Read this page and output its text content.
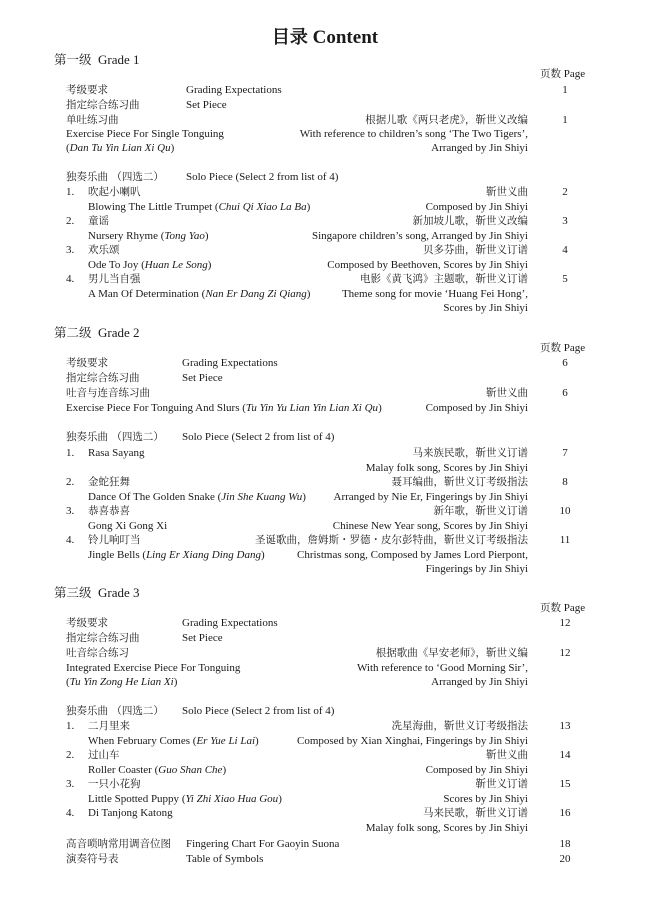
目录 Content
第一级 Grade 1
页数 Page
考级要求	Grading Expectations	1
指定综合练习曲	Set Piece
单吐练习曲	根据儿歌《两只老虎》，靳世义改编	1
Exercise Piece For Single Tonguing	With reference to children’s song ‘The Two Tigers’,
(Dan Tu Yin Lian Xi Qu)	Arranged by Jin Shiyi
独奏乐曲 （四选二） Solo Piece (Select 2 from list of 4)
1. 吹起小喇叭	靳世义曲	2
Blowing The Little Trumpet (Chui Qi Xiao La Ba)	Composed by Jin Shiyi
2. 童谣	新加坡儿歌，靳世义改编	3
Nursery Rhyme (Tong Yao)	Singapore children’s song, Arranged by Jin Shiyi
3. 欢乐颂	贝多芬曲，靳世义订谱	4
Ode To Joy (Huan Le Song)	Composed by Beethoven, Scores by Jin Shiyi
4. 男儿当自强	电影《黄飞鸿》主题歌，靳世义订谱	5
A Man Of Determination (Nan Er Dang Zi Qiang)	Theme song for movie ‘Huang Fei Hong’,
Scores by Jin Shiyi
第二级 Grade 2
页数 Page
考级要求	Grading Expectations	6
指定综合练习曲	Set Piece
吐音与连音练习曲	靳世义曲	6
Exercise Piece For Tonguing And Slurs (Tu Yin Yu Lian Yin Lian Xi Qu)	Composed by Jin Shiyi
独奏乐曲 （四选二） Solo Piece (Select 2 from list of 4)
1. Rasa Sayang	马来族民歌，靳世义订谱	7
Malay folk song, Scores by Jin Shiyi
2. 金蛇狂舞	聂耳编曲，靳世义订考级指法	8
Dance Of The Golden Snake (Jin She Kuang Wu)	Arranged by Nie Er, Fingerings by Jin Shiyi
3. 恭喜恭喜	新年歌，靳世义订谱	10
Gong Xi Gong Xi	Chinese New Year song, Scores by Jin Shiyi
4. 铃儿响叮当	圣诞歌曲，詹姆斯・罗德・皮尔彭特曲，靳世义订考级指法	11
Jingle Bells (Ling Er Xiang Ding Dang)	Christmas song, Composed by James Lord Pierpont,
Fingerings by Jin Shiyi
第三级 Grade 3
页数 Page
考级要求	Grading Expectations	12
指定综合练习曲	Set Piece
吐音综合练习	根据歌曲《早安老师》，靳世义编	12
Integrated Exercise Piece For Tonguing	With reference to ‘Good Morning Sir’,
(Tu Yin Zong He Lian Xi)	Arranged by Jin Shiyi
独奏乐曲 （四选二） Solo Piece (Select 2 from list of 4)
1. 二月里来	冼星海曲，靳世义订考级指法	13
When February Comes (Er Yue Li Lai)	Composed by Xian Xinghai, Fingerings by Jin Shiyi
2. 过山车	靳世义曲	14
Roller Coaster (Guo Shan Che)	Composed by Jin Shiyi
3. 一只小花狗	靳世义订谱	15
Little Spotted Puppy (Yi Zhi Xiao Hua Gou)	Scores by Jin Shiyi
4. Di Tanjong Katong	马来民歌，靳世义订谱	16
Malay folk song, Scores by Jin Shiyi
高音唢呐常用调音位图 Fingering Chart For Gaoyin Suona	18
演奏符号表	Table of Symbols	20
